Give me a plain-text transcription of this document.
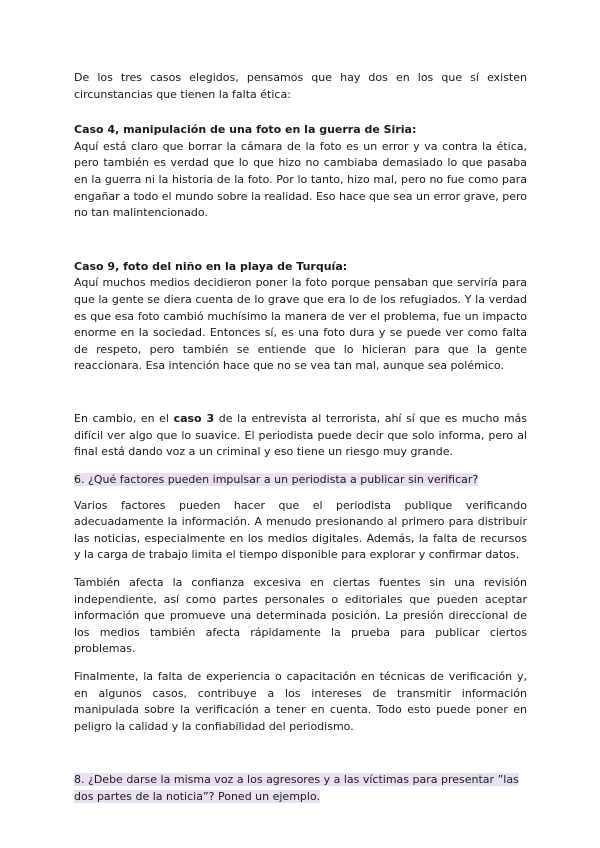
De los tres casos elegidos, pensamos que hay dos en los que sí existen circunstancias que tienen la falta ética:

Caso 4, manipulación de una foto en la guerra de Siria:

Aquí está claro que borrar la cámara de la foto es un error y va contra la ética, pero también es verdad que lo que hizo no cambiaba demasiado lo que pasaba en la guerra ni la historia de la foto. Por lo tanto, hizo mal, pero no fue como para engañar a todo el mundo sobre la realidad. Eso hace que sea un error grave, pero no tan malintencionado.

Caso 9, foto del niño en la playa de Turquía:

Aquí muchos medios decidieron poner la foto porque pensaban que serviría para que la gente se diera cuenta de lo grave que era lo de los refugiados. Y la verdad es que esa foto cambió muchísimo la manera de ver el problema, fue un impacto enorme en la sociedad. Entonces sí, es una foto dura y se puede ver como falta de respeto, pero también se entiende que lo hicieran para que la gente reaccionara. Esa intención hace que no se vea tan mal, aunque sea polémico.

En cambio, en el caso 3 de la entrevista al terrorista, ahí sí que es mucho más difícil ver algo que lo suavice. El periodista puede decir que solo informa, pero al final está dando voz a un criminal y eso tiene un riesgo muy grande.

6. ¿Qué factores pueden impulsar a un periodista a publicar sin verificar?

Varios factores pueden hacer que el periodista publique verificando adecuadamente la información. A menudo presionando al primero para distribuir las noticias, especialmente en los medios digitales. Además, la falta de recursos y la carga de trabajo limita el tiempo disponible para explorar y confirmar datos.

También afecta la confianza excesiva en ciertas fuentes sin una revisión independiente, así como partes personales o editoriales que pueden aceptar información que promueve una determinada posición. La presión direccional de los medios también afecta rápidamente la prueba para publicar ciertos problemas.

Finalmente, la falta de experiencia o capacitación en técnicas de verificación y, en algunos casos, contribuye a los intereses de transmitir información manipulada sobre la verificación a tener en cuenta. Todo esto puede poner en peligro la calidad y la confiabilidad del periodismo.

8. ¿Debe darse la misma voz a los agresores y a las víctimas para presentar ”las dos partes de la noticia”? Poned un ejemplo.
